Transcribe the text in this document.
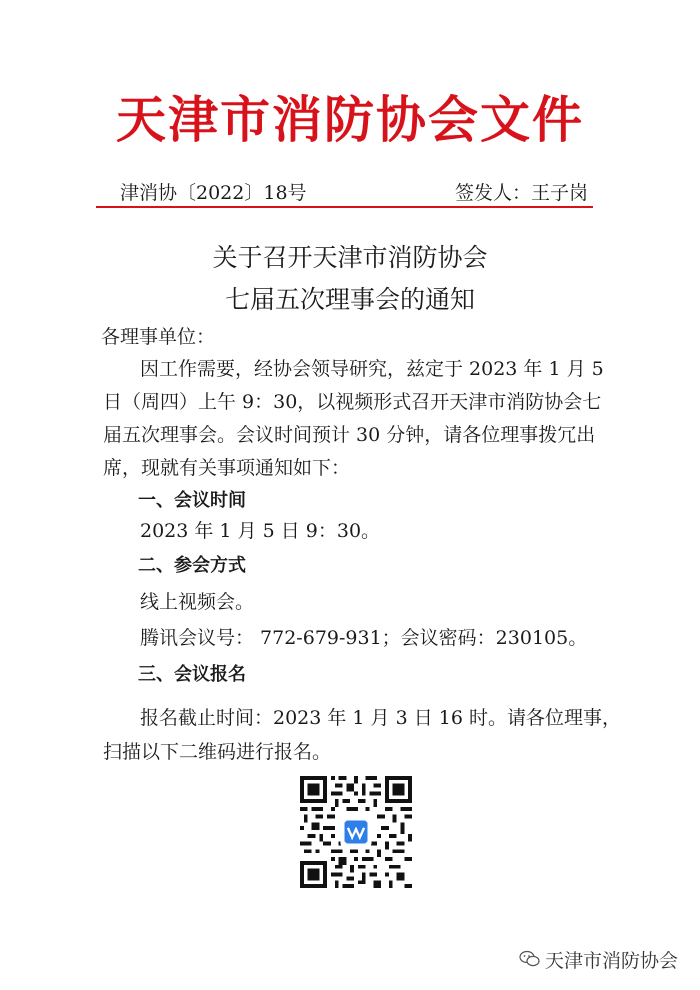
天津市消防协会文件
津消协〔2022〕18号	签发人：王子岗
关于召开天津市消防协会
七届五次理事会的通知
各理事单位：
因工作需要，经协会领导研究，兹定于 2023 年 1 月 5
日（周四）上午 9：30，以视频形式召开天津市消防协会七
届五次理事会。会议时间预计 30 分钟，请各位理事拨冗出
席，现就有关事项通知如下：
一、会议时间
2023 年 1 月 5 日 9：30。
二、参会方式
线上视频会。
腾讯会议号： 772-679-931；会议密码：230105。
三、会议报名
报名截止时间：2023 年 1 月 3 日 16 时。请各位理事，
扫描以下二维码进行报名。
天津市消防协会
